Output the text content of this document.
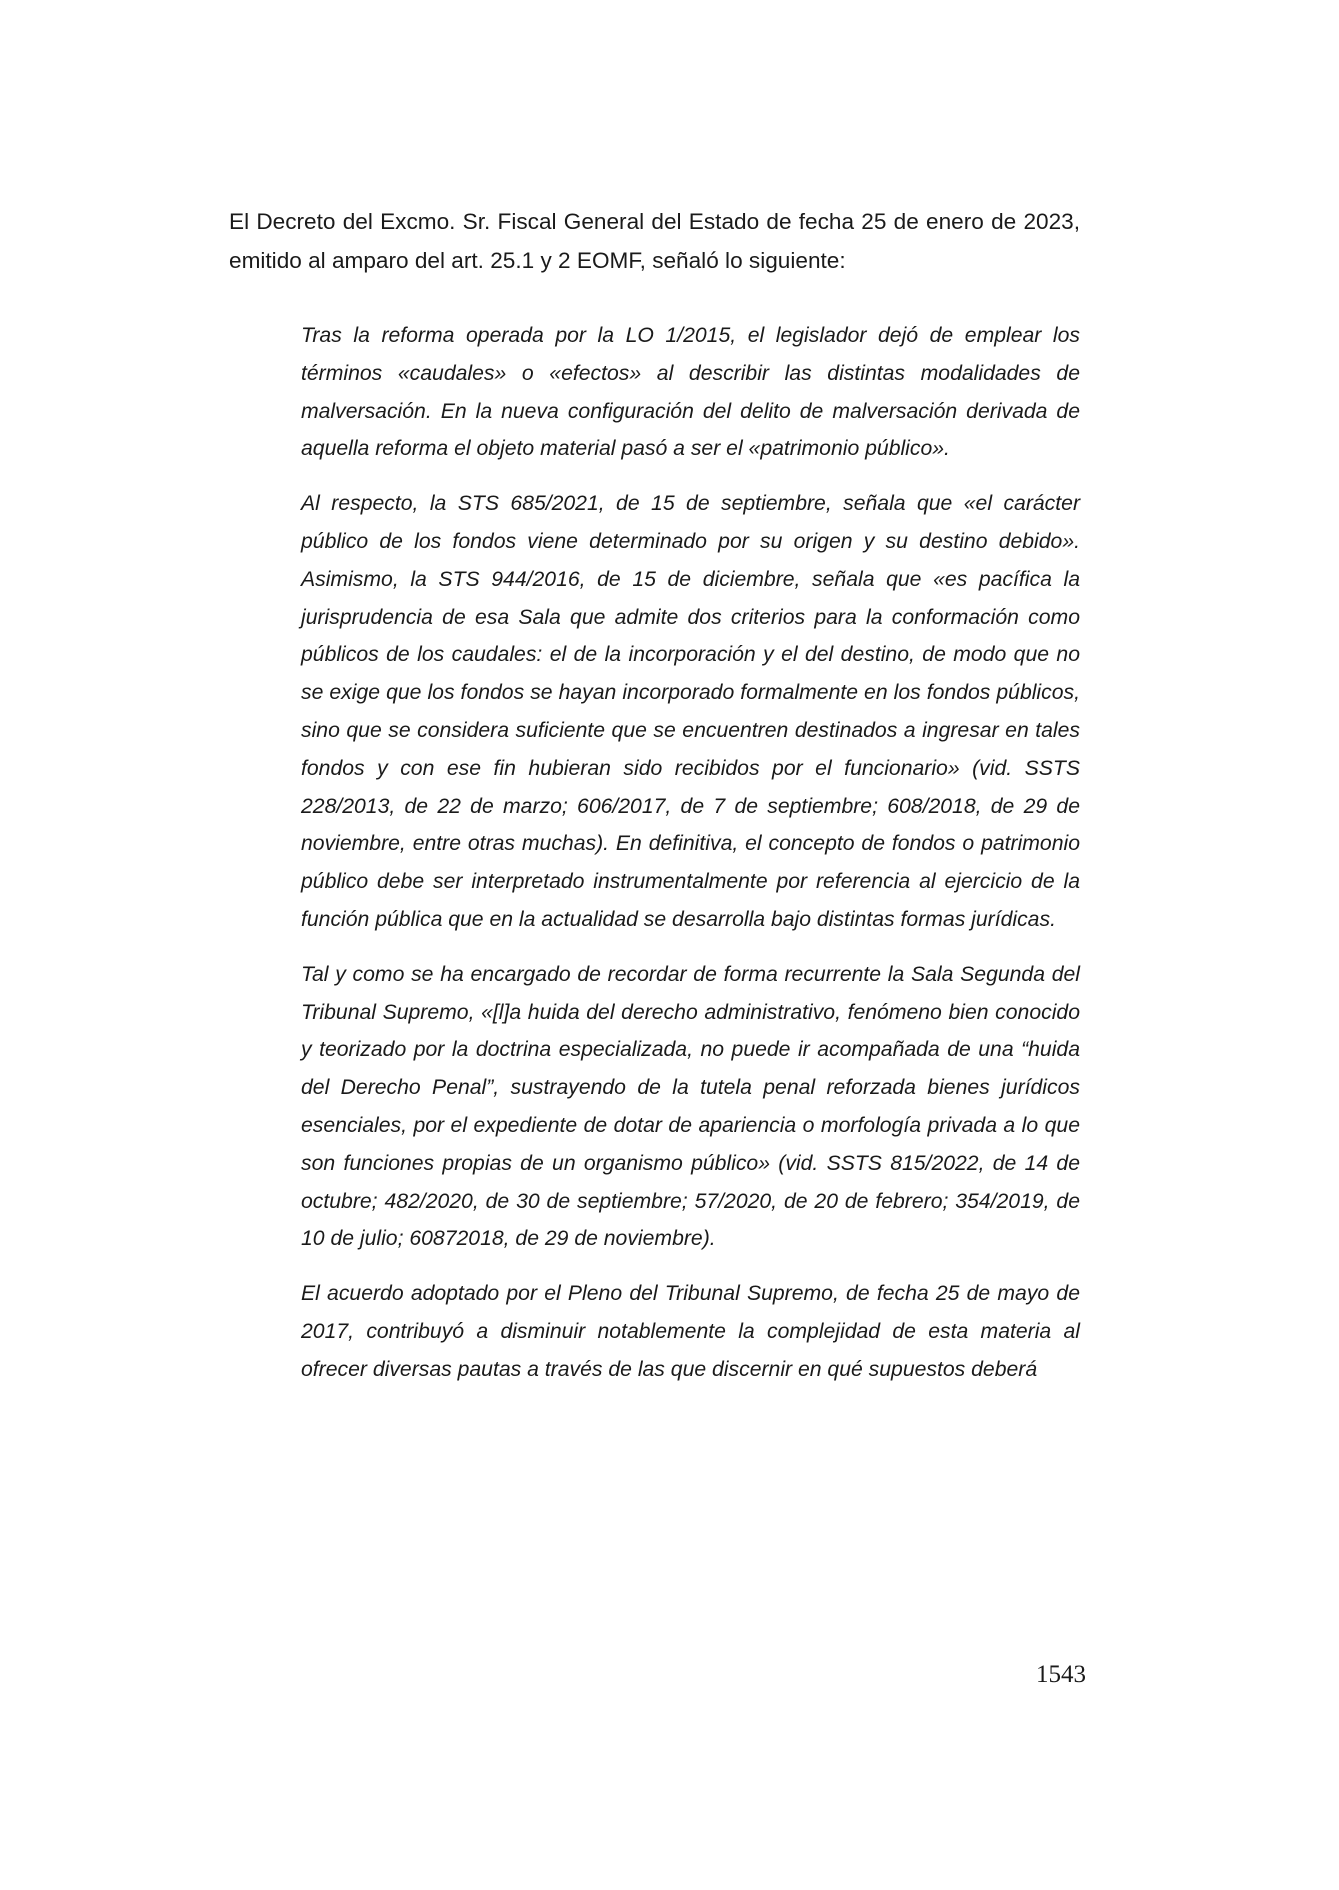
El Decreto del Excmo. Sr. Fiscal General del Estado de fecha 25 de enero de 2023, emitido al amparo del art. 25.1 y 2 EOMF, señaló lo siguiente:

Tras la reforma operada por la LO 1/2015, el legislador dejó de emplear los términos «caudales» o «efectos» al describir las distintas modalidades de malversación. En la nueva configuración del delito de malversación derivada de aquella reforma el objeto material pasó a ser el «patrimonio público».

Al respecto, la STS 685/2021, de 15 de septiembre, señala que «el carácter público de los fondos viene determinado por su origen y su destino debido». Asimismo, la STS 944/2016, de 15 de diciembre, señala que «es pacífica la jurisprudencia de esa Sala que admite dos criterios para la conformación como públicos de los caudales: el de la incorporación y el del destino, de modo que no se exige que los fondos se hayan incorporado formalmente en los fondos públicos, sino que se considera suficiente que se encuentren destinados a ingresar en tales fondos y con ese fin hubieran sido recibidos por el funcionario» (vid. SSTS 228/2013, de 22 de marzo; 606/2017, de 7 de septiembre; 608/2018, de 29 de noviembre, entre otras muchas). En definitiva, el concepto de fondos o patrimonio público debe ser interpretado instrumentalmente por referencia al ejercicio de la función pública que en la actualidad se desarrolla bajo distintas formas jurídicas.

Tal y como se ha encargado de recordar de forma recurrente la Sala Segunda del Tribunal Supremo, «[l]a huida del derecho administrativo, fenómeno bien conocido y teorizado por la doctrina especializada, no puede ir acompañada de una “huida del Derecho Penal”, sustrayendo de la tutela penal reforzada bienes jurídicos esenciales, por el expediente de dotar de apariencia o morfología privada a lo que son funciones propias de un organismo público» (vid. SSTS 815/2022, de 14 de octubre; 482/2020, de 30 de septiembre; 57/2020, de 20 de febrero; 354/2019, de 10 de julio; 60872018, de 29 de noviembre).

El acuerdo adoptado por el Pleno del Tribunal Supremo, de fecha 25 de mayo de 2017, contribuyó a disminuir notablemente la complejidad de esta materia al ofrecer diversas pautas a través de las que discernir en qué supuestos deberá

1543
